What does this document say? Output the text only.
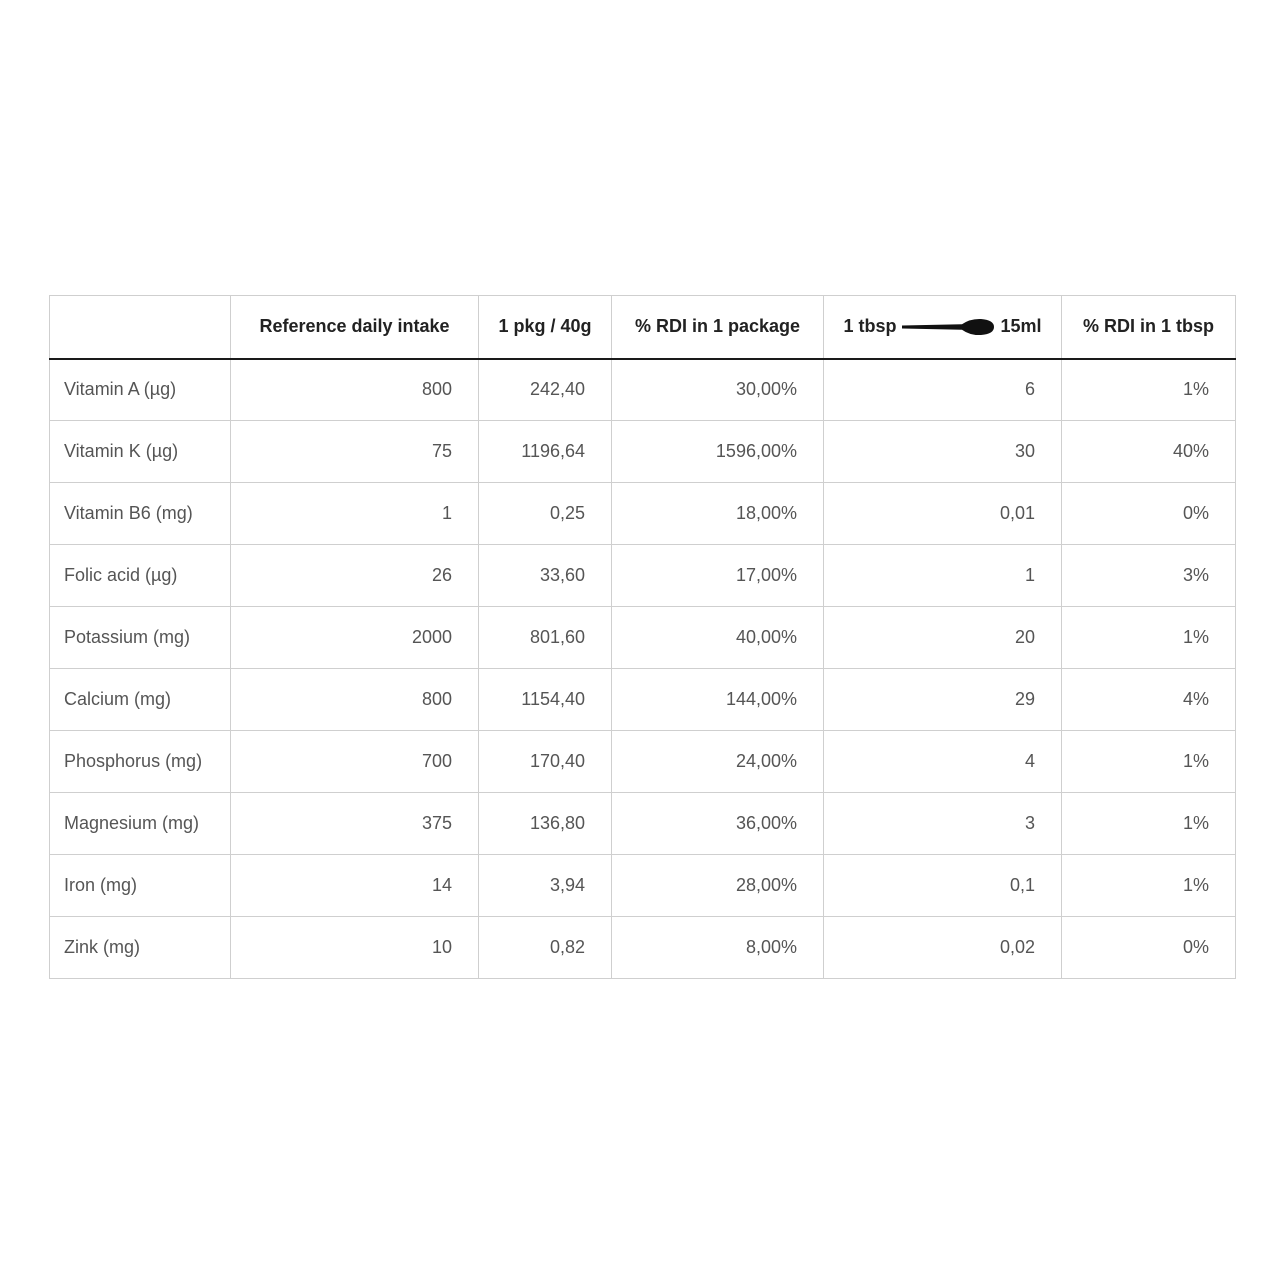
	Reference daily intake	1 pkg / 40g	% RDI in 1 package	1 tbsp 15ml	% RDI in 1 tbsp
Vitamin A (µg)	800	242,40	30,00%	6	1%
Vitamin K (µg)	75	1196,64	1596,00%	30	40%
Vitamin B6 (mg)	1	0,25	18,00%	0,01	0%
Folic acid (µg)	26	33,60	17,00%	1	3%
Potassium (mg)	2000	801,60	40,00%	20	1%
Calcium (mg)	800	1154,40	144,00%	29	4%
Phosphorus (mg)	700	170,40	24,00%	4	1%
Magnesium (mg)	375	136,80	36,00%	3	1%
Iron (mg)	14	3,94	28,00%	0,1	1%
Zink (mg)	10	0,82	8,00%	0,02	0%
